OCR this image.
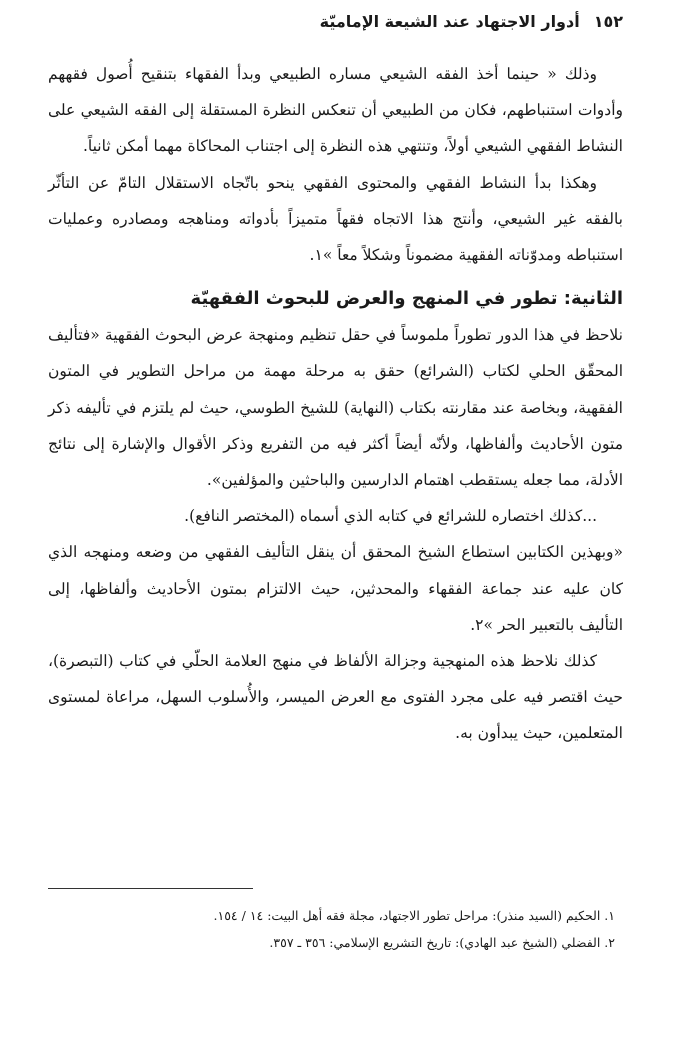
١٥٢أدوار الاجتهاد عند الشيعة الإماميّة

وذلك « حينما أخذ الفقه الشيعي مساره الطبيعي وبدأ الفقهاء بتنقيح أُصول فقههم وأدوات استنباطهم، فكان من الطبيعي أن تنعكس النظرة المستقلة إلى الفقه الشيعي على النشاط الفقهي الشيعي أولاً، وتنتهي هذه النظرة إلى اجتناب المحاكاة مهما أمكن ثانياً.

وهكذا بدأ النشاط الفقهي والمحتوى الفقهي ينحو باتّجاه الاستقلال التامّ عن التأثّر بالفقه غير الشيعي، وأنتج هذا الاتجاه فقهاً متميزاً بأدواته ومناهجه ومصادره وعمليات استنباطه ومدوّناته الفقهية مضموناً وشكلاً معاً »١.

الثانية: تطور في المنهج والعرض للبحوث الفقهيّة

نلاحظ في هذا الدور تطوراً ملموساً في حقل تنظيم ومنهجة عرض البحوث الفقهية «فتأليف المحقّق الحلي لكتاب (الشرائع) حقق به مرحلة مهمة من مراحل التطوير في المتون الفقهية، وبخاصة عند مقارنته بكتاب (النهاية) للشيخ الطوسي، حيث لم يلتزم في تأليفه ذكر متون الأحاديث وألفاظها، ولأنّه أيضاً أكثر فيه من التفريع وذكر الأقوال والإشارة إلى نتائج الأدلة، مما جعله يستقطب اهتمام الدارسين والباحثين والمؤلفين».

...كذلك اختصاره للشرائع في كتابه الذي أسماه (المختصر النافع).

«وبهذين الكتابين استطاع الشيخ المحقق أن ينقل التأليف الفقهي من وضعه ومنهجه الذي كان عليه عند جماعة الفقهاء والمحدثين، حيث الالتزام بمتون الأحاديث وألفاظها، إلى التأليف بالتعبير الحر »٢.

كذلك نلاحظ هذه المنهجية وجزالة الألفاظ في منهج العلامة الحلّي في كتاب (التبصرة)، حيث اقتصر فيه على مجرد الفتوى مع العرض الميسر، والأُسلوب السهل، مراعاة لمستوى المتعلمين، حيث يبدأون به.

١. الحكيم (السيد منذر): مراحل تطور الاجتهاد، مجلة فقه أهل البيت: ١٤ / ١٥٤.

٢. الفضلي (الشيخ عبد الهادي): تاريخ التشريع الإسلامي: ٣٥٦ ـ ٣٥٧.
